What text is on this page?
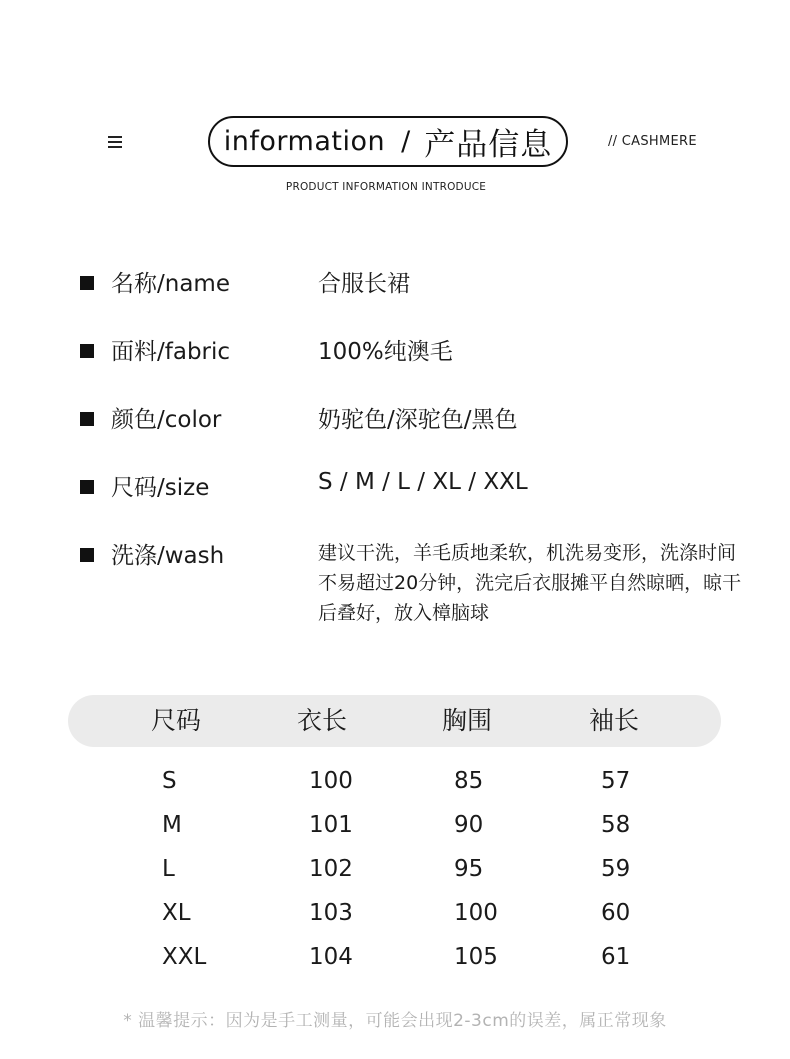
information / 产品信息	// CASHMERE
PRODUCT INFORMATION INTRODUCE
名称/name	合服长裙
面料/fabric	100%纯澳毛
颜色/color	奶驼色/深驼色/黑色
尺码/size	S / M / L / XL / XXL
洗涤/wash	建议干洗，羊毛质地柔软，机洗易变形，洗涤时间不易超过20分钟，洗完后衣服摊平自然晾晒，晾干后叠好，放入樟脑球
尺码	衣长	胸围	袖长
S	100	85	57
M	101	90	58
L	102	95	59
XL	103	100	60
XXL	104	105	61
* 温馨提示：因为是手工测量，可能会出现2-3cm的误差，属正常现象
